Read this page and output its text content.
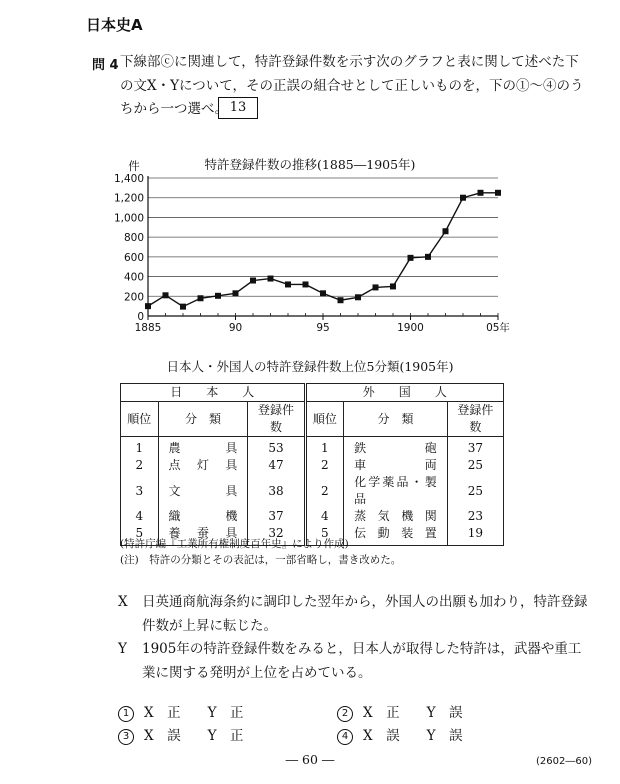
日本史A
問 4 下線部ⓒに関連して，特許登録件数を示す次のグラフと表に関して述べた下
の文X・Yについて，その正誤の組合せとして正しいものを，下の①～④のう
ちから一つ選べ。 13
特許登録件数の推移(1885―1905年)
0
200
400
600
800
1,000
1,200
1,400
件
1885	90	95	1900	05年
日本人・外国人の特許登録件数上位5分類(1905年)
日　　本　　人			外　　国　　人		
順位	分　類	登録件数	順位	分　類	登録件数
1	農具	53	1	鉄砲	37
2	点灯具	47	2	車両	25
3	文具	38	2	化学薬品・製品	25
4	織機	37	4	蒸気機関	23
5	養蚕具	32	5	伝動装置	19
(特許庁編『工業所有権制度百年史』により作成)
(注)　特許の分類とその表記は，一部省略し，書き改めた。
X 日英通商航海条約に調印した翌年から，外国人の出願も加わり，特許登録
件数が上昇に転じた。
Y 1905年の特許登録件数をみると，日本人が取得した特許は，武器や重工
業に関する発明が上位を占めている。
1 X　正　　Y　正	2 X　正　　Y　誤
3 X　誤　　Y　正	4 X　誤　　Y　誤
― 60 ―	(2602―60)
